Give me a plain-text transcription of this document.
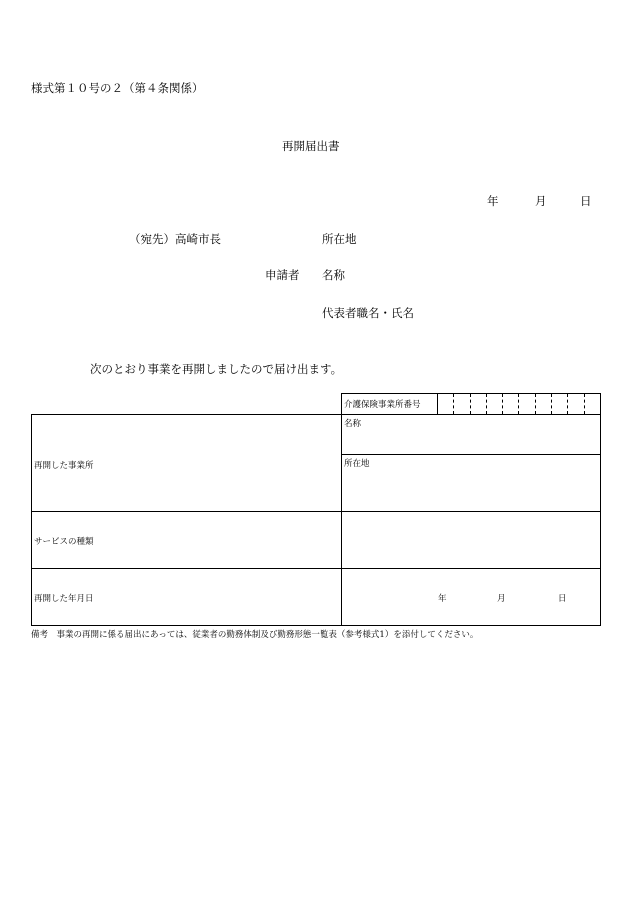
様式第１０号の２（第４条関係）
再開届出書
年	月	日
（宛先）高崎市長	所在地
申請者 名称
代表者職名・氏名
次のとおり事業を再開しましたので届け出ます。

	介護保険事業所番号	

再開した事業所	名称	

	所在地	

サービスの種類		

再開した年月日	年 月 日	
備考　事業の再開に係る届出にあっては、従業者の勤務体制及び勤務形態一覧表（参考様式1）を添付してください。
